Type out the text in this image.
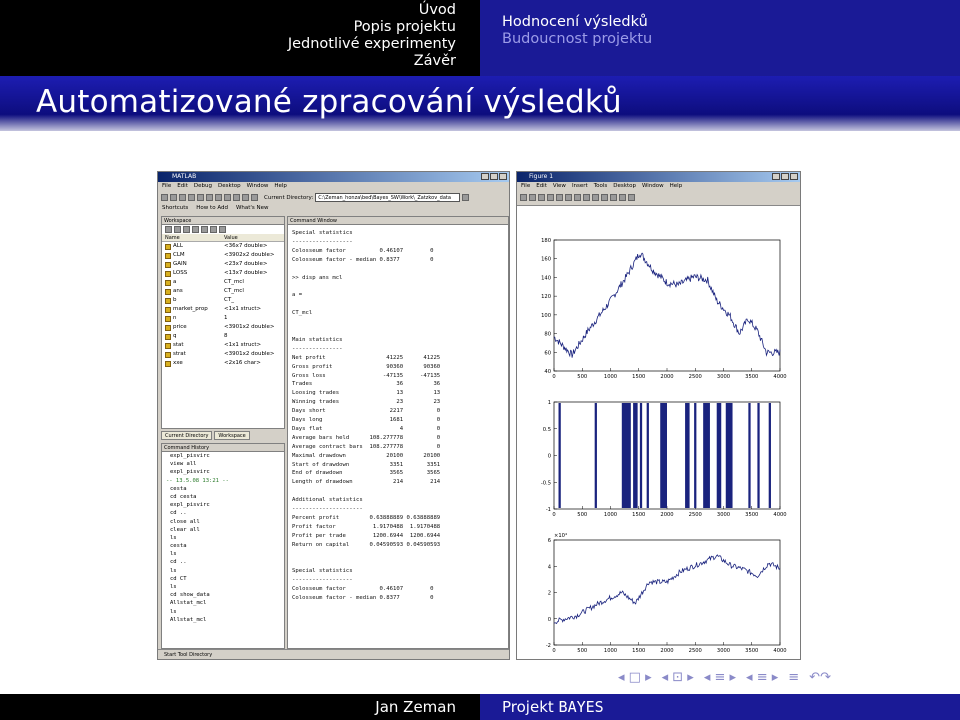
Úvod
Popis projektu
Jednotlivé experimenty
Závěr
Hodnocení výsledků
Budoucnost projektu
Automatizované zpracování výsledků
MATLAB
File Edit Debug Desktop Window Help
Current Directory:	C:\Zeman_honza\bed\Bayes_SW\Work\_Zatzkov_data
Shortcuts How to Add What's New
Workspace
Name	Value
ALL	<36x7 double>
CLM	<3902x2 double>
GAIN	<23x7 double>
LOSS	<13x7 double>
a	CT_mcl
ans	CT_mcl
b	CT_
market_prop	<1x1 struct>
n	1
price	<3901x2 double>
q	8
stat	<1x1 struct>
strat	<3901x2 double>
xxe	<2x16 char>
Current Directory	Workspace
Command History
expl_pisvirc
view all
expl_pisvirc
-- 13.5.08 13:21 --
cesta
cd cesta
expl_pisvirc
cd ..
close all
clear all
ls
cesta
ls
cd ..
ls
cd CT
ls
cd show_data
Allstat_mcl
ls
Allstat_mcl
Command Window
Special statistics
------------------
Colosseum factor          0.46107        0
Colosseum factor - median 0.8377         0

>> disp ans mcl

a =

CT_mcl

Main statistics
---------------
Net profit                  41225      41225
Gross profit                90360      90360
Gross loss                 -47135     -47135
Trades                         36         36
Loosing trades                 13         13
Winning trades                 23         23
Days short                   2217          0
Days long                    1681          0
Days flat                       4          0
Average bars held      108.277778          0
Average contract bars  108.277778          0
Maximal drawdown            20100      20100
Start of drawdown            3351       3351
End of drawdown              3565       3565
Length of drawdown            214        214

Additional statistics
---------------------
Percent profit         0.63888889 0.63888889
Profit factor           1.9170488  1.9170488
Profit per trade        1200.6944  1200.6944
Return on capital      0.04590593 0.04590593

Special statistics
------------------
Colosseum factor          0.46107        0
Colosseum factor - median 0.8377         0
Start Tool Directory
Figure 1
File Edit View Insert Tools Desktop Window Help
0	500	1000	1500	2000	2500	3000	3500	4000
180
160
140
120
100
80
60
40
0	500	1000	1500	2000	2500	3000	3500	4000
1
0.5
0
-0.5
-1
0	500	1000	1500	2000	2500	3000	3500	4000
6
4
2
0
-2
×10⁴
◂ □ ▸ ◂ ⊡ ▸ ◂ ≡ ▸ ◂ ≡ ▸ ≡ ↶↷
Jan Zeman	Projekt BAYES
